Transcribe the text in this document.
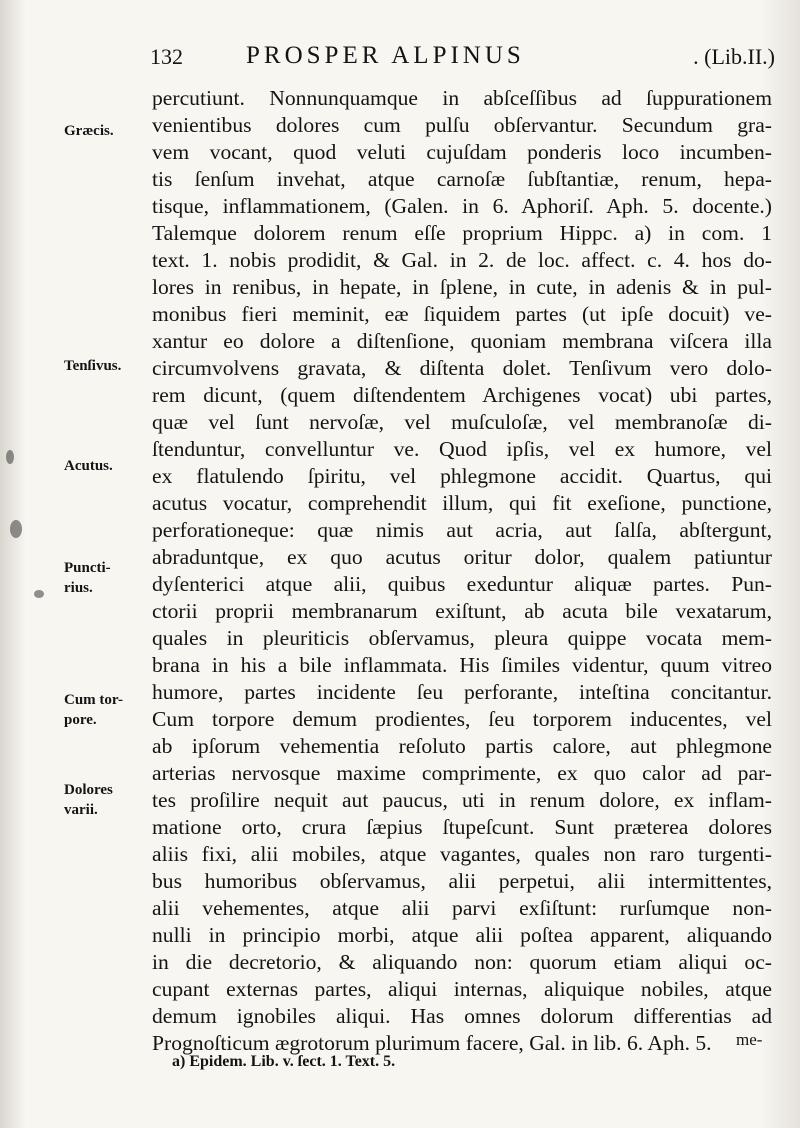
132	PROSPER ALPINUS	. (Lib.II.)
percutiunt. Nonnunquamque in abſceſſibus ad ſuppurationem
venientibus dolores cum pulſu obſervantur. Secundum gra-
vem vocant, quod veluti cujuſdam ponderis loco incumben-
tis ſenſum invehat, atque carnoſæ ſubſtantiæ, renum, hepa-
tisque, inflammationem, (Galen. in 6. Aphoriſ. Aph. 5. docente.)
Talemque dolorem renum eſſe proprium Hippc. a) in com. 1
text. 1. nobis prodidit, & Gal. in 2. de loc. affect. c. 4. hos do-
lores in renibus, in hepate, in ſplene, in cute, in adenis & in pul-
monibus fieri meminit, eæ ſiquidem partes (ut ipſe docuit) ve-
xantur eo dolore a diſtenſione, quoniam membrana viſcera illa
circumvolvens gravata, & diſtenta dolet. Tenſivum vero dolo-
rem dicunt, (quem diſtendentem Archigenes vocat) ubi partes,
quæ vel ſunt nervoſæ, vel muſculoſæ, vel membranoſæ di-
ſtenduntur, convelluntur ve. Quod ipſis, vel ex humore, vel
ex flatulendo ſpiritu, vel phlegmone accidit. Quartus, qui
acutus vocatur, comprehendit illum, qui fit exeſione, punctione,
perforationeque: quæ nimis aut acria, aut ſalſa, abſtergunt,
abraduntque, ex quo acutus oritur dolor, qualem patiuntur
dyſenterici atque alii, quibus exeduntur aliquæ partes. Pun-
ctorii proprii membranarum exiſtunt, ab acuta bile vexatarum,
quales in pleuriticis obſervamus, pleura quippe vocata mem-
brana in his a bile inflammata. His ſimiles videntur, quum vitreo
humore, partes incidente ſeu perforante, inteſtina concitantur.
Cum torpore demum prodientes, ſeu torporem inducentes, vel
ab ipſorum vehementia reſoluto partis calore, aut phlegmone
arterias nervosque maxime comprimente, ex quo calor ad par-
tes proſilire nequit aut paucus, uti in renum dolore, ex inflam-
matione orto, crura ſæpius ſtupeſcunt. Sunt præterea dolores
aliis fixi, alii mobiles, atque vagantes, quales non raro turgenti-
bus humoribus obſervamus, alii perpetui, alii intermittentes,
alii vehementes, atque alii parvi exſiſtunt: rurſumque non-
nulli in principio morbi, atque alii poſtea apparent, aliquando
in die decretorio, & aliquando non: quorum etiam aliqui oc-
cupant externas partes, aliqui internas, aliquique nobiles, atque
demum ignobiles aliqui. Has omnes dolorum differentias ad
Prognoſticum ægrotorum plurimum facere, Gal. in lib. 6. Aph. 5.
Græcis.
Tenſivus.
Acutus.
Puncti-
rius.
Cum tor-
pore.
Dolores
varii.
me-
a) Epidem. Lib. v. ſect. 1. Text. 5.
